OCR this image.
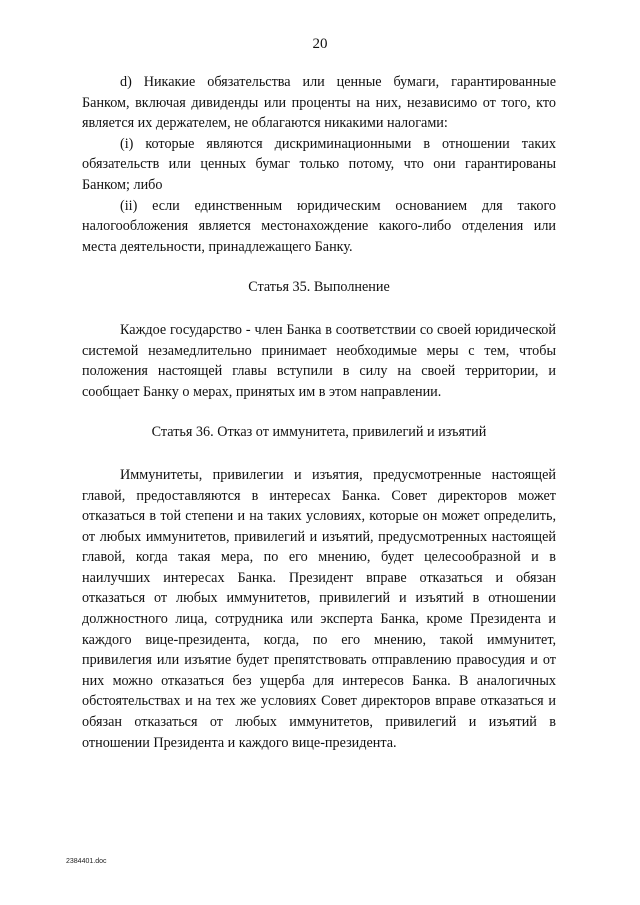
20

d) Никакие обязательства или ценные бумаги, гарантированные Банком, включая дивиденды или проценты на них, независимо от того, кто является их держателем, не облагаются никакими налогами:

(i) которые являются дискриминационными в отношении таких обязательств или ценных бумаг только потому, что они гарантированы Банком; либо

(ii) если единственным юридическим основанием для такого налогообложения является местонахождение какого-либо отделения или места деятельности, принадлежащего Банку.

Статья 35. Выполнение

Каждое государство - член Банка в соответствии со своей юридической системой незамедлительно принимает необходимые меры с тем, чтобы положения настоящей главы вступили в силу на своей территории, и сообщает Банку о мерах, принятых им в этом направлении.

Статья 36. Отказ от иммунитета, привилегий и изъятий

Иммунитеты, привилегии и изъятия, предусмотренные настоящей главой, предоставляются в интересах Банка. Совет директоров может отказаться в той степени и на таких условиях, которые он может определить, от любых иммунитетов, привилегий и изъятий, предусмотренных настоящей главой, когда такая мера, по его мнению, будет целесообразной и в наилучших интересах Банка. Президент вправе отказаться и обязан отказаться от любых иммунитетов, привилегий и изъятий в отношении должностного лица, сотрудника или эксперта Банка, кроме Президента и каждого вице-президента, когда, по его мнению, такой иммунитет, привилегия или изъятие будет препятствовать отправлению правосудия и от них можно отказаться без ущерба для интересов Банка. В аналогичных обстоятельствах и на тех же условиях Совет директоров вправе отказаться и обязан отказаться от любых иммунитетов, привилегий и изъятий в отношении Президента и каждого вице-президента.

2384401.doc
